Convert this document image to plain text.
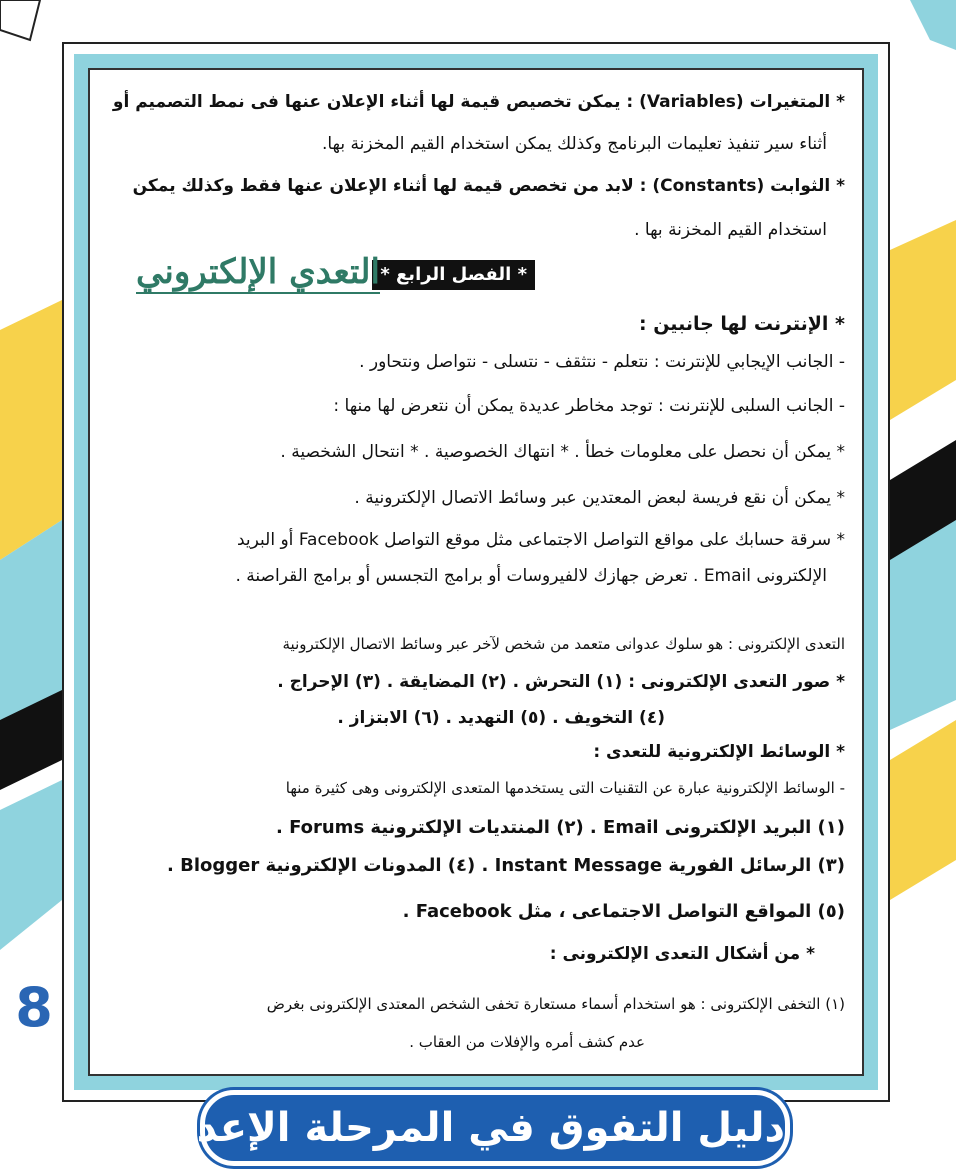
* المتغيرات (Variables) : يمكن تخصيص قيمة لها أثناء الإعلان عنها فى نمط التصميم أو
أثناء سير تنفيذ تعليمات البرنامج وكذلك يمكن استخدام القيم المخزنة بها.
* الثوابت (Constants) : لابد من تخصص قيمة لها أثناء الإعلان عنها فقط وكذلك يمكن
استخدام القيم المخزنة بها .
* الفصل الرابع *
التعدي الإلكتروني
* الإنترنت لها جانبين :
- الجانب الإيجابي للإنترنت : نتعلم - نتثقف - نتسلى - نتواصل ونتحاور .
- الجانب السلبى للإنترنت : توجد مخاطر عديدة يمكن أن نتعرض لها منها :
* يمكن أن نحصل على معلومات خطأ . * انتهاك الخصوصية . * انتحال الشخصية .
* يمكن أن نقع فريسة لبعض المعتدين عبر وسائط الاتصال الإلكترونية .
* سرقة حسابك على مواقع التواصل الاجتماعى مثل موقع التواصل Facebook أو البريد
الإلكترونى Email . تعرض جهازك لالفيروسات أو برامج التجسس أو برامج القراصنة .
التعدى الإلكترونى : هو سلوك عدوانى متعمد من شخص لآخر عبر وسائط الاتصال الإلكترونية
* صور التعدى الإلكترونى : (١) التحرش . (٢) المضايقة . (٣) الإحراج .
(٤) التخويف . (٥) التهديد . (٦) الابتزاز .
* الوسائط الإلكترونية للتعدى :
- الوسائط الإلكترونية عبارة عن التقنيات التى يستخدمها المتعدى الإلكترونى وهى كثيرة منها
(١) البريد الإلكترونى Email . (٢) المنتديات الإلكترونية Forums .
(٣) الرسائل الفورية Instant Message . (٤) المدونات الإلكترونية Blogger .
(٥) المواقع التواصل الاجتماعى ، مثل Facebook .
* من أشكال التعدى الإلكترونى :
(١) التخفى الإلكترونى : هو استخدام أسماء مستعارة تخفى الشخص المعتدى الإلكترونى بغرض
عدم كشف أمره والإفلات من العقاب .
8
دليل التفوق في المرحلة الإعدادية
